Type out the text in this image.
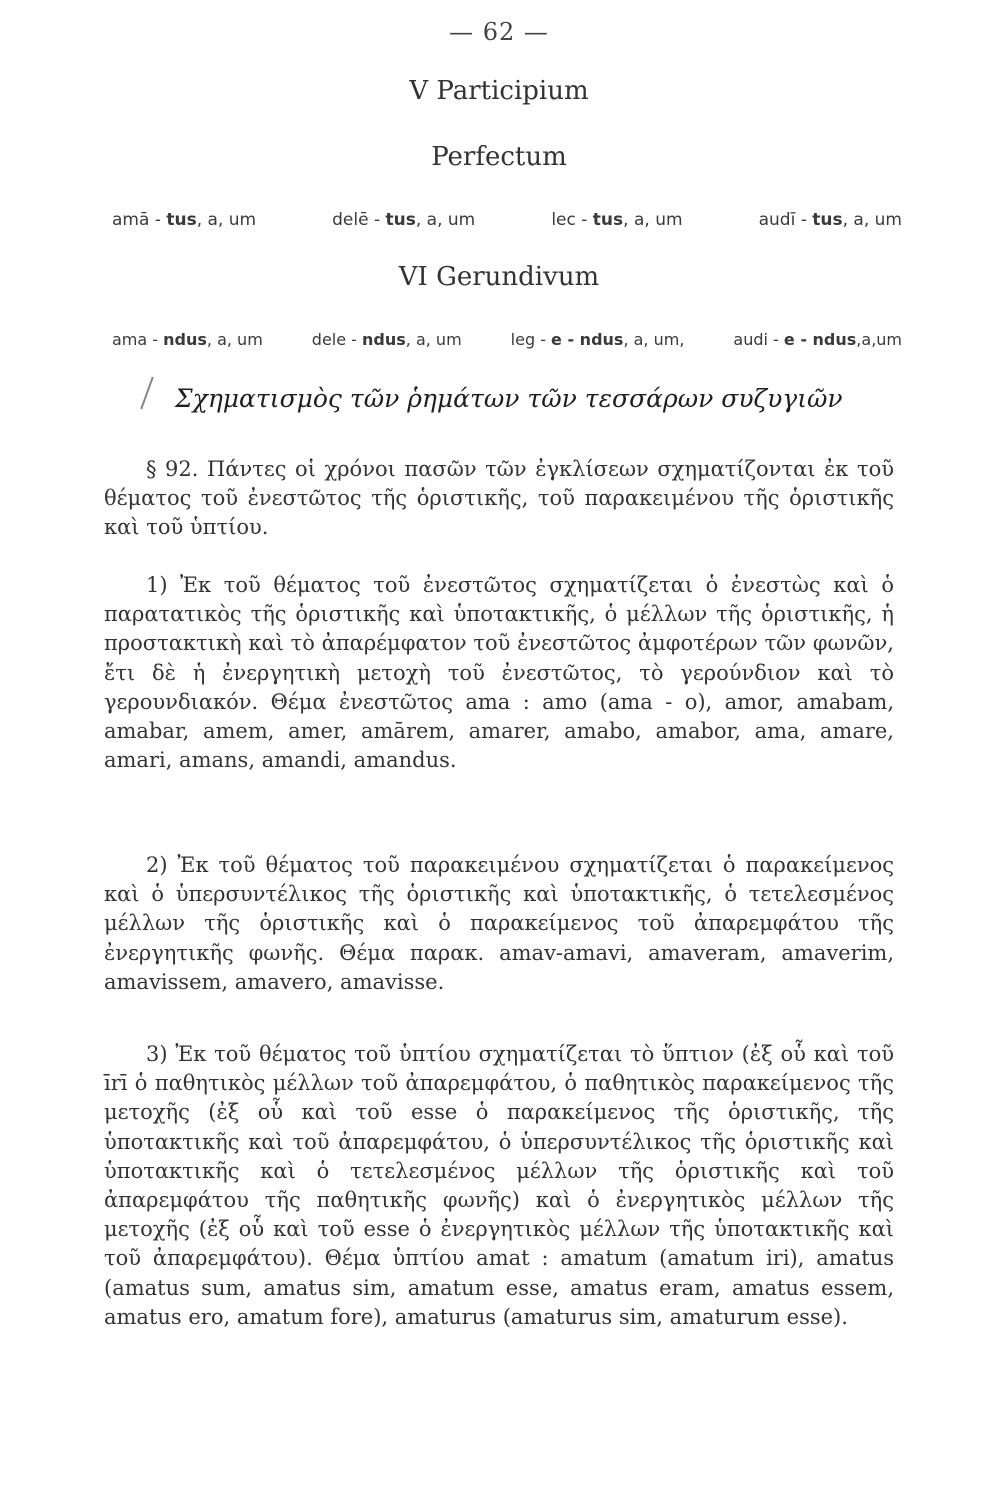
— 62 —
V Participium
Perfectum
amā - tus, a, um	delē - tus, a, um	lec - tus, a, um	audī - tus, a, um
VI Gerundivum
ama - ndus, a, um	dele - ndus, a, um	leg - e - ndus, a, um,	audi - e - ndus,a,um
Σχηματισμὸς τῶν ῥημάτων τῶν τεσσάρων συζυγιῶν
§ 92. Πάντες οἱ χρόνοι πασῶν τῶν ἐγκλίσεων σχηματίζονται ἐκ τοῦ θέματος τοῦ ἐνεστῶτος τῆς ὁριστικῆς, τοῦ παρακειμένου τῆς ὁριστικῆς καὶ τοῦ ὑπτίου.
1) Ἐκ τοῦ θέματος τοῦ ἐνεστῶτος σχηματίζεται ὁ ἐνεστὼς καὶ ὁ παρατατικὸς τῆς ὁριστικῆς καὶ ὑποτακτικῆς, ὁ μέλλων τῆς ὁριστικῆς, ἡ προστακτικὴ καὶ τὸ ἀπαρέμφατον τοῦ ἐνεστῶτος ἀμφοτέρων τῶν φωνῶν, ἔτι δὲ ἡ ἐνεργητικὴ μετοχὴ τοῦ ἐνεστῶτος, τὸ γερούνδιον καὶ τὸ γερουνδιακόν. Θέμα ἐνεστῶτος ama : amo (ama - o), amor, amabam, amabar, amem, amer, amārem, amarer, amabo, amabor, ama, amare, amari, amans, amandi, amandus.
2) Ἐκ τοῦ θέματος τοῦ παρακειμένου σχηματίζεται ὁ παρακείμενος καὶ ὁ ὑπερσυντέλικος τῆς ὁριστικῆς καὶ ὑποτακτικῆς, ὁ τετελεσμένος μέλλων τῆς ὁριστικῆς καὶ ὁ παρακείμενος τοῦ ἀπαρεμφάτου τῆς ἐνεργητικῆς φωνῆς. Θέμα παρακ. amav-amavi, amaveram, amaverim, amavissem, amavero, amavisse.
3) Ἐκ τοῦ θέματος τοῦ ὑπτίου σχηματίζεται τὸ ὕπτιον (ἐξ οὗ καὶ τοῦ īrī ὁ παθητικὸς μέλλων τοῦ ἀπαρεμφάτου, ὁ παθητικὸς παρακείμενος τῆς μετοχῆς (ἐξ οὗ καὶ τοῦ esse ὁ παρακείμενος τῆς ὁριστικῆς, τῆς ὑποτακτικῆς καὶ τοῦ ἀπαρεμφάτου, ὁ ὑπερσυντέλικος τῆς ὁριστικῆς καὶ ὑποτακτικῆς καὶ ὁ τετελεσμένος μέλλων τῆς ὁριστικῆς καὶ τοῦ ἀπαρεμφάτου τῆς παθητικῆς φωνῆς) καὶ ὁ ἐνεργητικὸς μέλλων τῆς μετοχῆς (ἐξ οὗ καὶ τοῦ esse ὁ ἐνεργητικὸς μέλλων τῆς ὑποτακτικῆς καὶ τοῦ ἀπαρεμφάτου). Θέμα ὑπτίου amat : amatum (amatum iri), amatus (amatus sum, amatus sim, amatum esse, amatus eram, amatus essem, amatus ero, amatum fore), amaturus (amaturus sim, amaturum esse).
